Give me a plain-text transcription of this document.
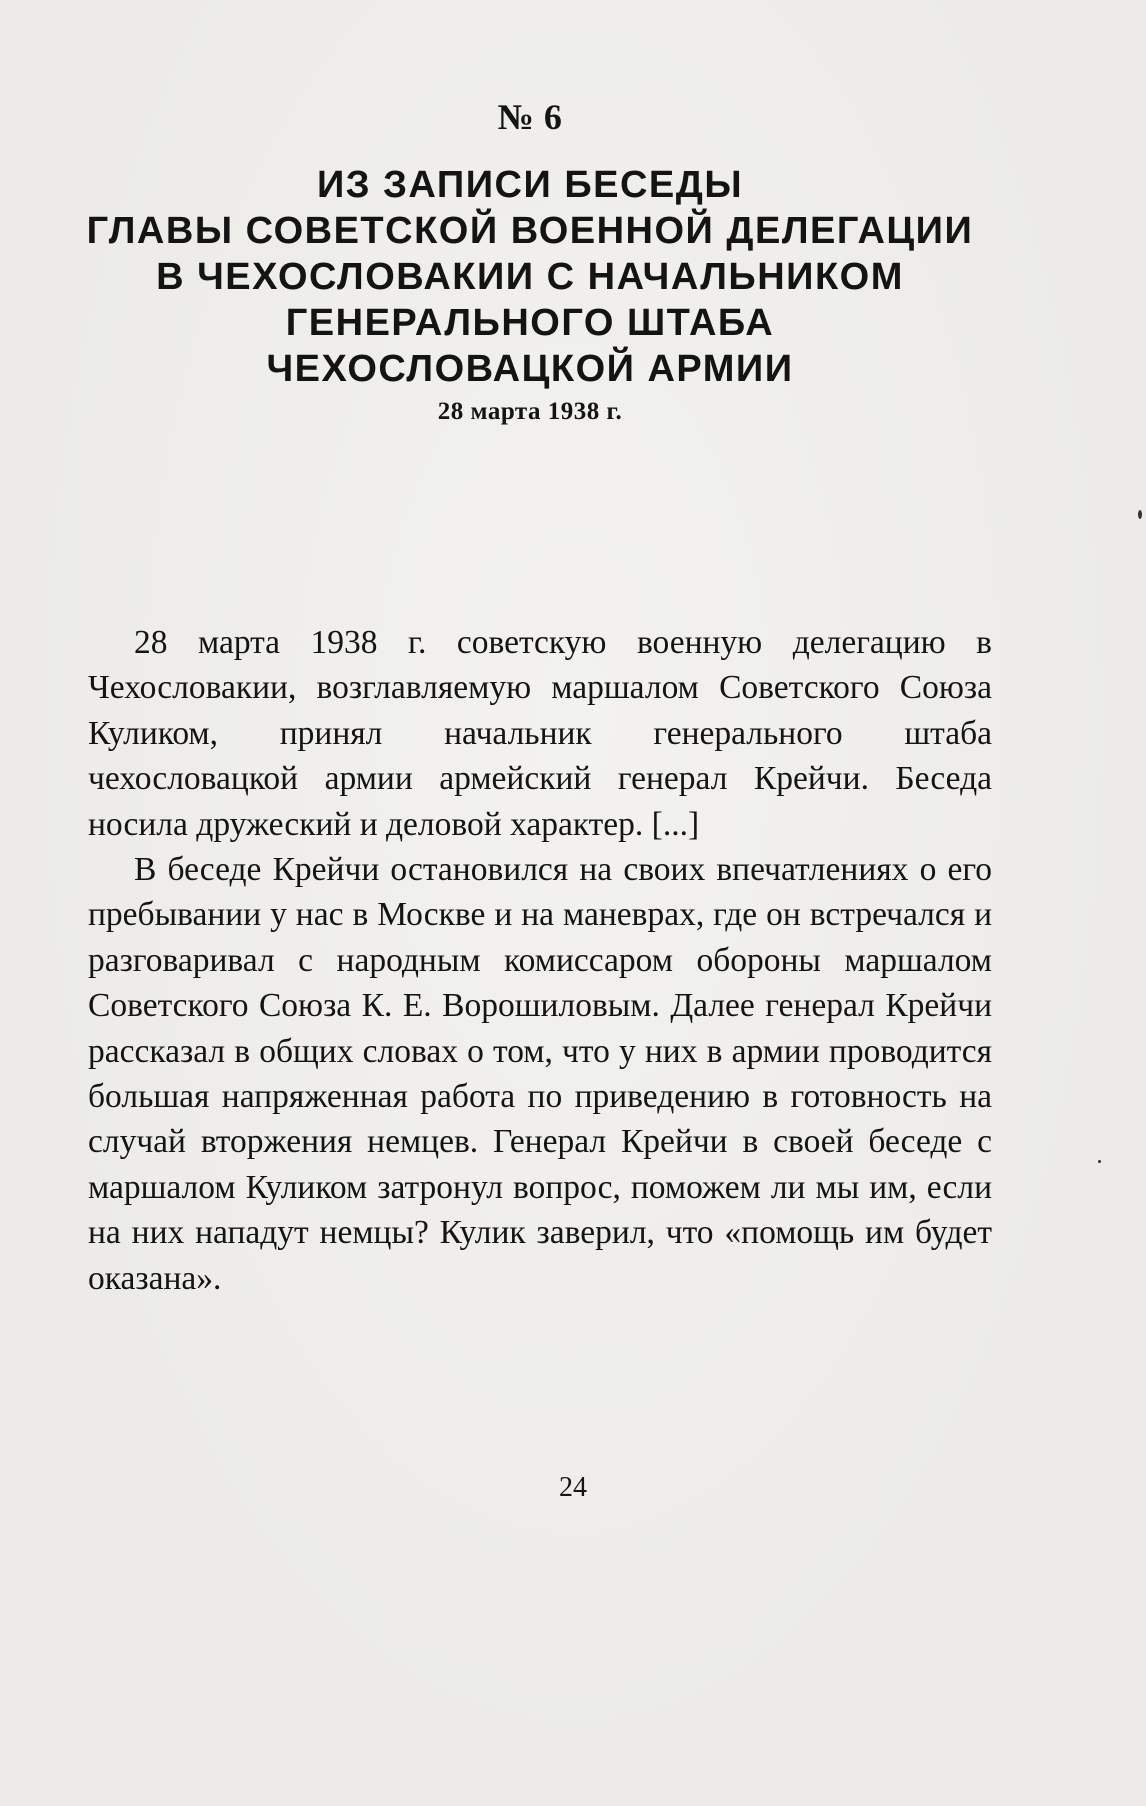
№ 6
ИЗ ЗАПИСИ БЕСЕДЫ
ГЛАВЫ СОВЕТСКОЙ ВОЕННОЙ ДЕЛЕГАЦИИ
В ЧЕХОСЛОВАКИИ С НАЧАЛЬНИКОМ
ГЕНЕРАЛЬНОГО ШТАБА
ЧЕХОСЛОВАЦКОЙ АРМИИ
28 марта 1938 г.

28 марта 1938 г. советскую военную делегацию в Чехословакии, возглавляемую маршалом Советского Союза Куликом, принял начальник генерального штаба чехословацкой армии армейский генерал Крейчи. Беседа носила дружеский и деловой характер. [...]

В беседе Крейчи остановился на своих впечатлениях о его пребывании у нас в Москве и на маневрах, где он встречался и разговаривал с народным комиссаром обороны маршалом Советского Союза К. Е. Ворошиловым. Далее генерал Крейчи рассказал в общих словах о том, что у них в армии проводится большая напряженная работа по приведению в готовность на случай вторжения немцев. Генерал Крейчи в своей беседе с маршалом Куликом затронул вопрос, поможем ли мы им, если на них нападут немцы? Кулик заверил, что «помощь им будет оказана».

24
